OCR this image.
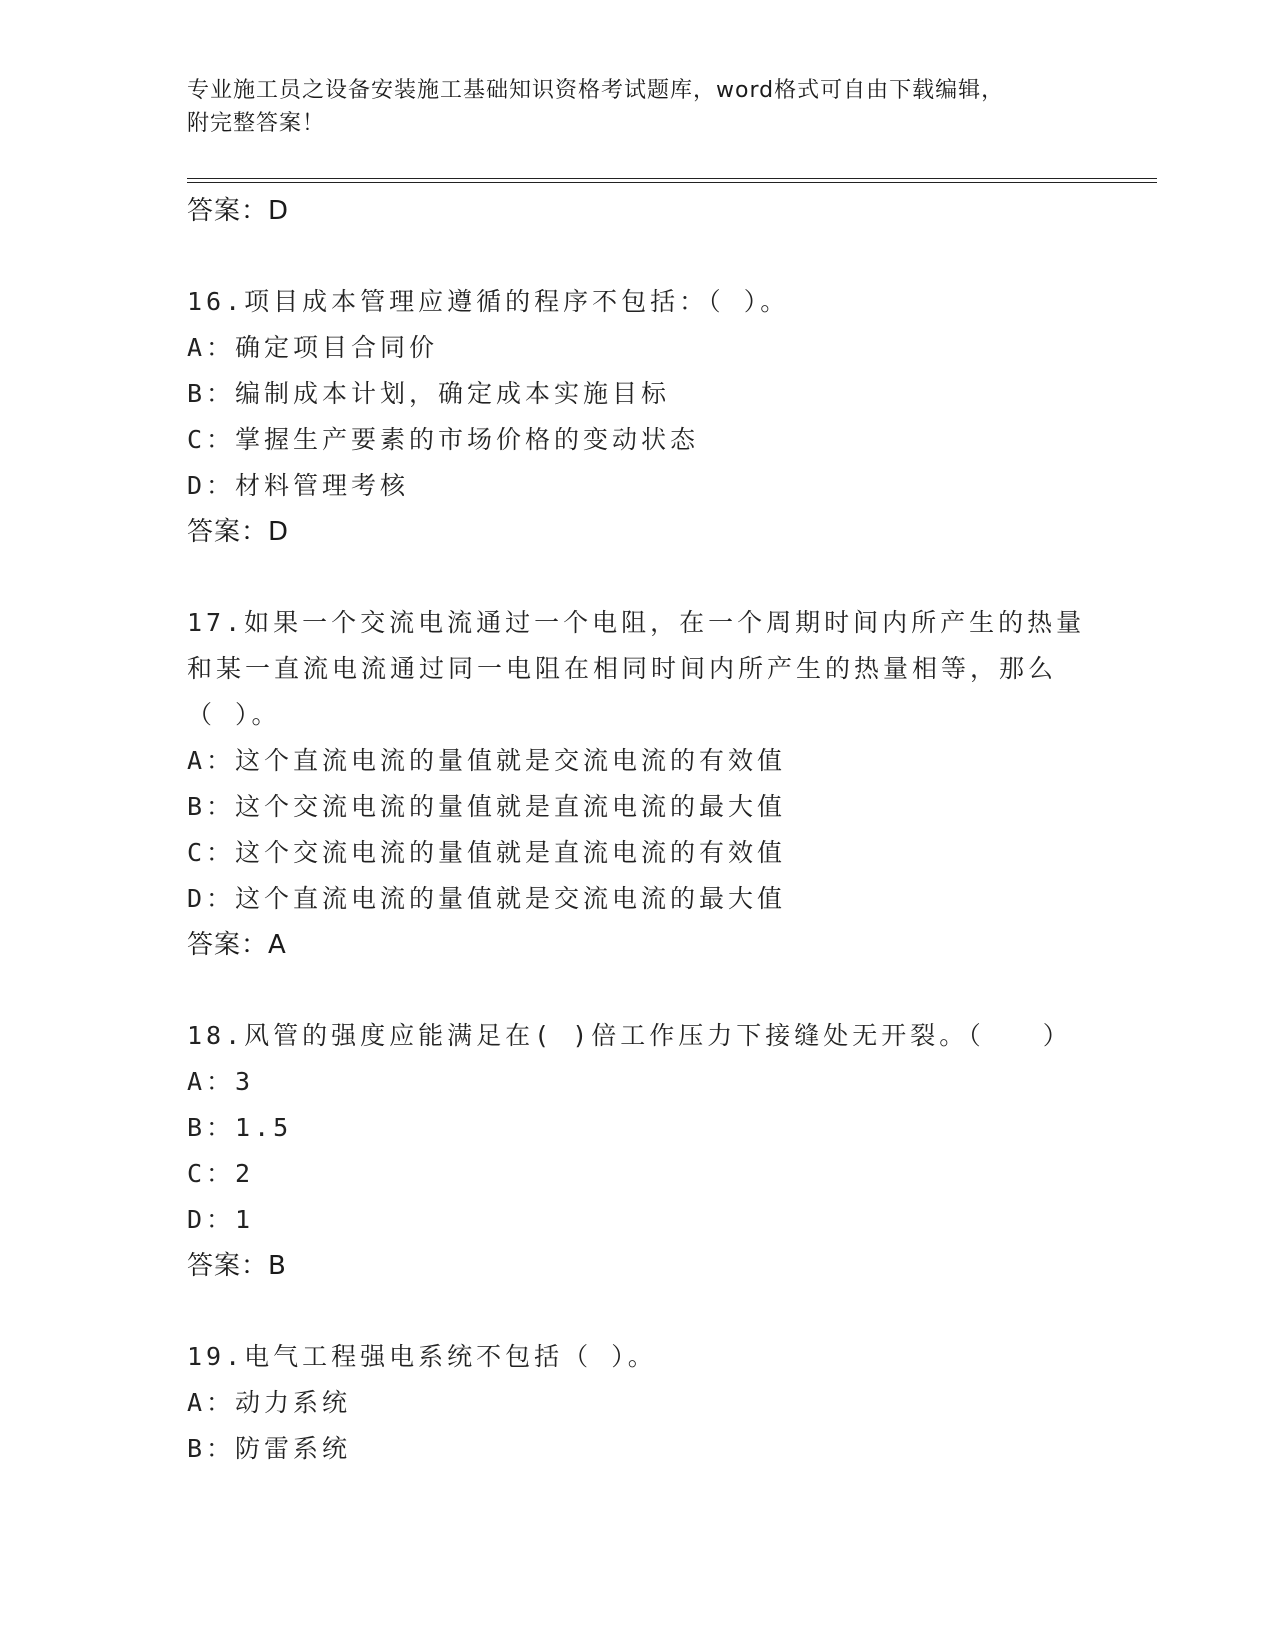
专业施工员之设备安装施工基础知识资格考试题库，word格式可自由下载编辑，
附完整答案！
答案：D
16.项目成本管理应遵循的程序不包括：（ ）。
A：确定项目合同价
B：编制成本计划，确定成本实施目标
C：掌握生产要素的市场价格的变动状态
D：材料管理考核
答案：D
17.如果一个交流电流通过一个电阻，在一个周期时间内所产生的热量
和某一直流电流通过同一电阻在相同时间内所产生的热量相等，那么
（ ）。
A：这个直流电流的量值就是交流电流的有效值
B：这个交流电流的量值就是直流电流的最大值
C：这个交流电流的量值就是直流电流的有效值
D：这个直流电流的量值就是交流电流的最大值
答案：A
18.风管的强度应能满足在( )倍工作压力下接缝处无开裂。（　　）
A：3
B：1.5
C：2
D：1
答案：B
19.电气工程强电系统不包括（ ）。
A：动力系统
B：防雷系统
